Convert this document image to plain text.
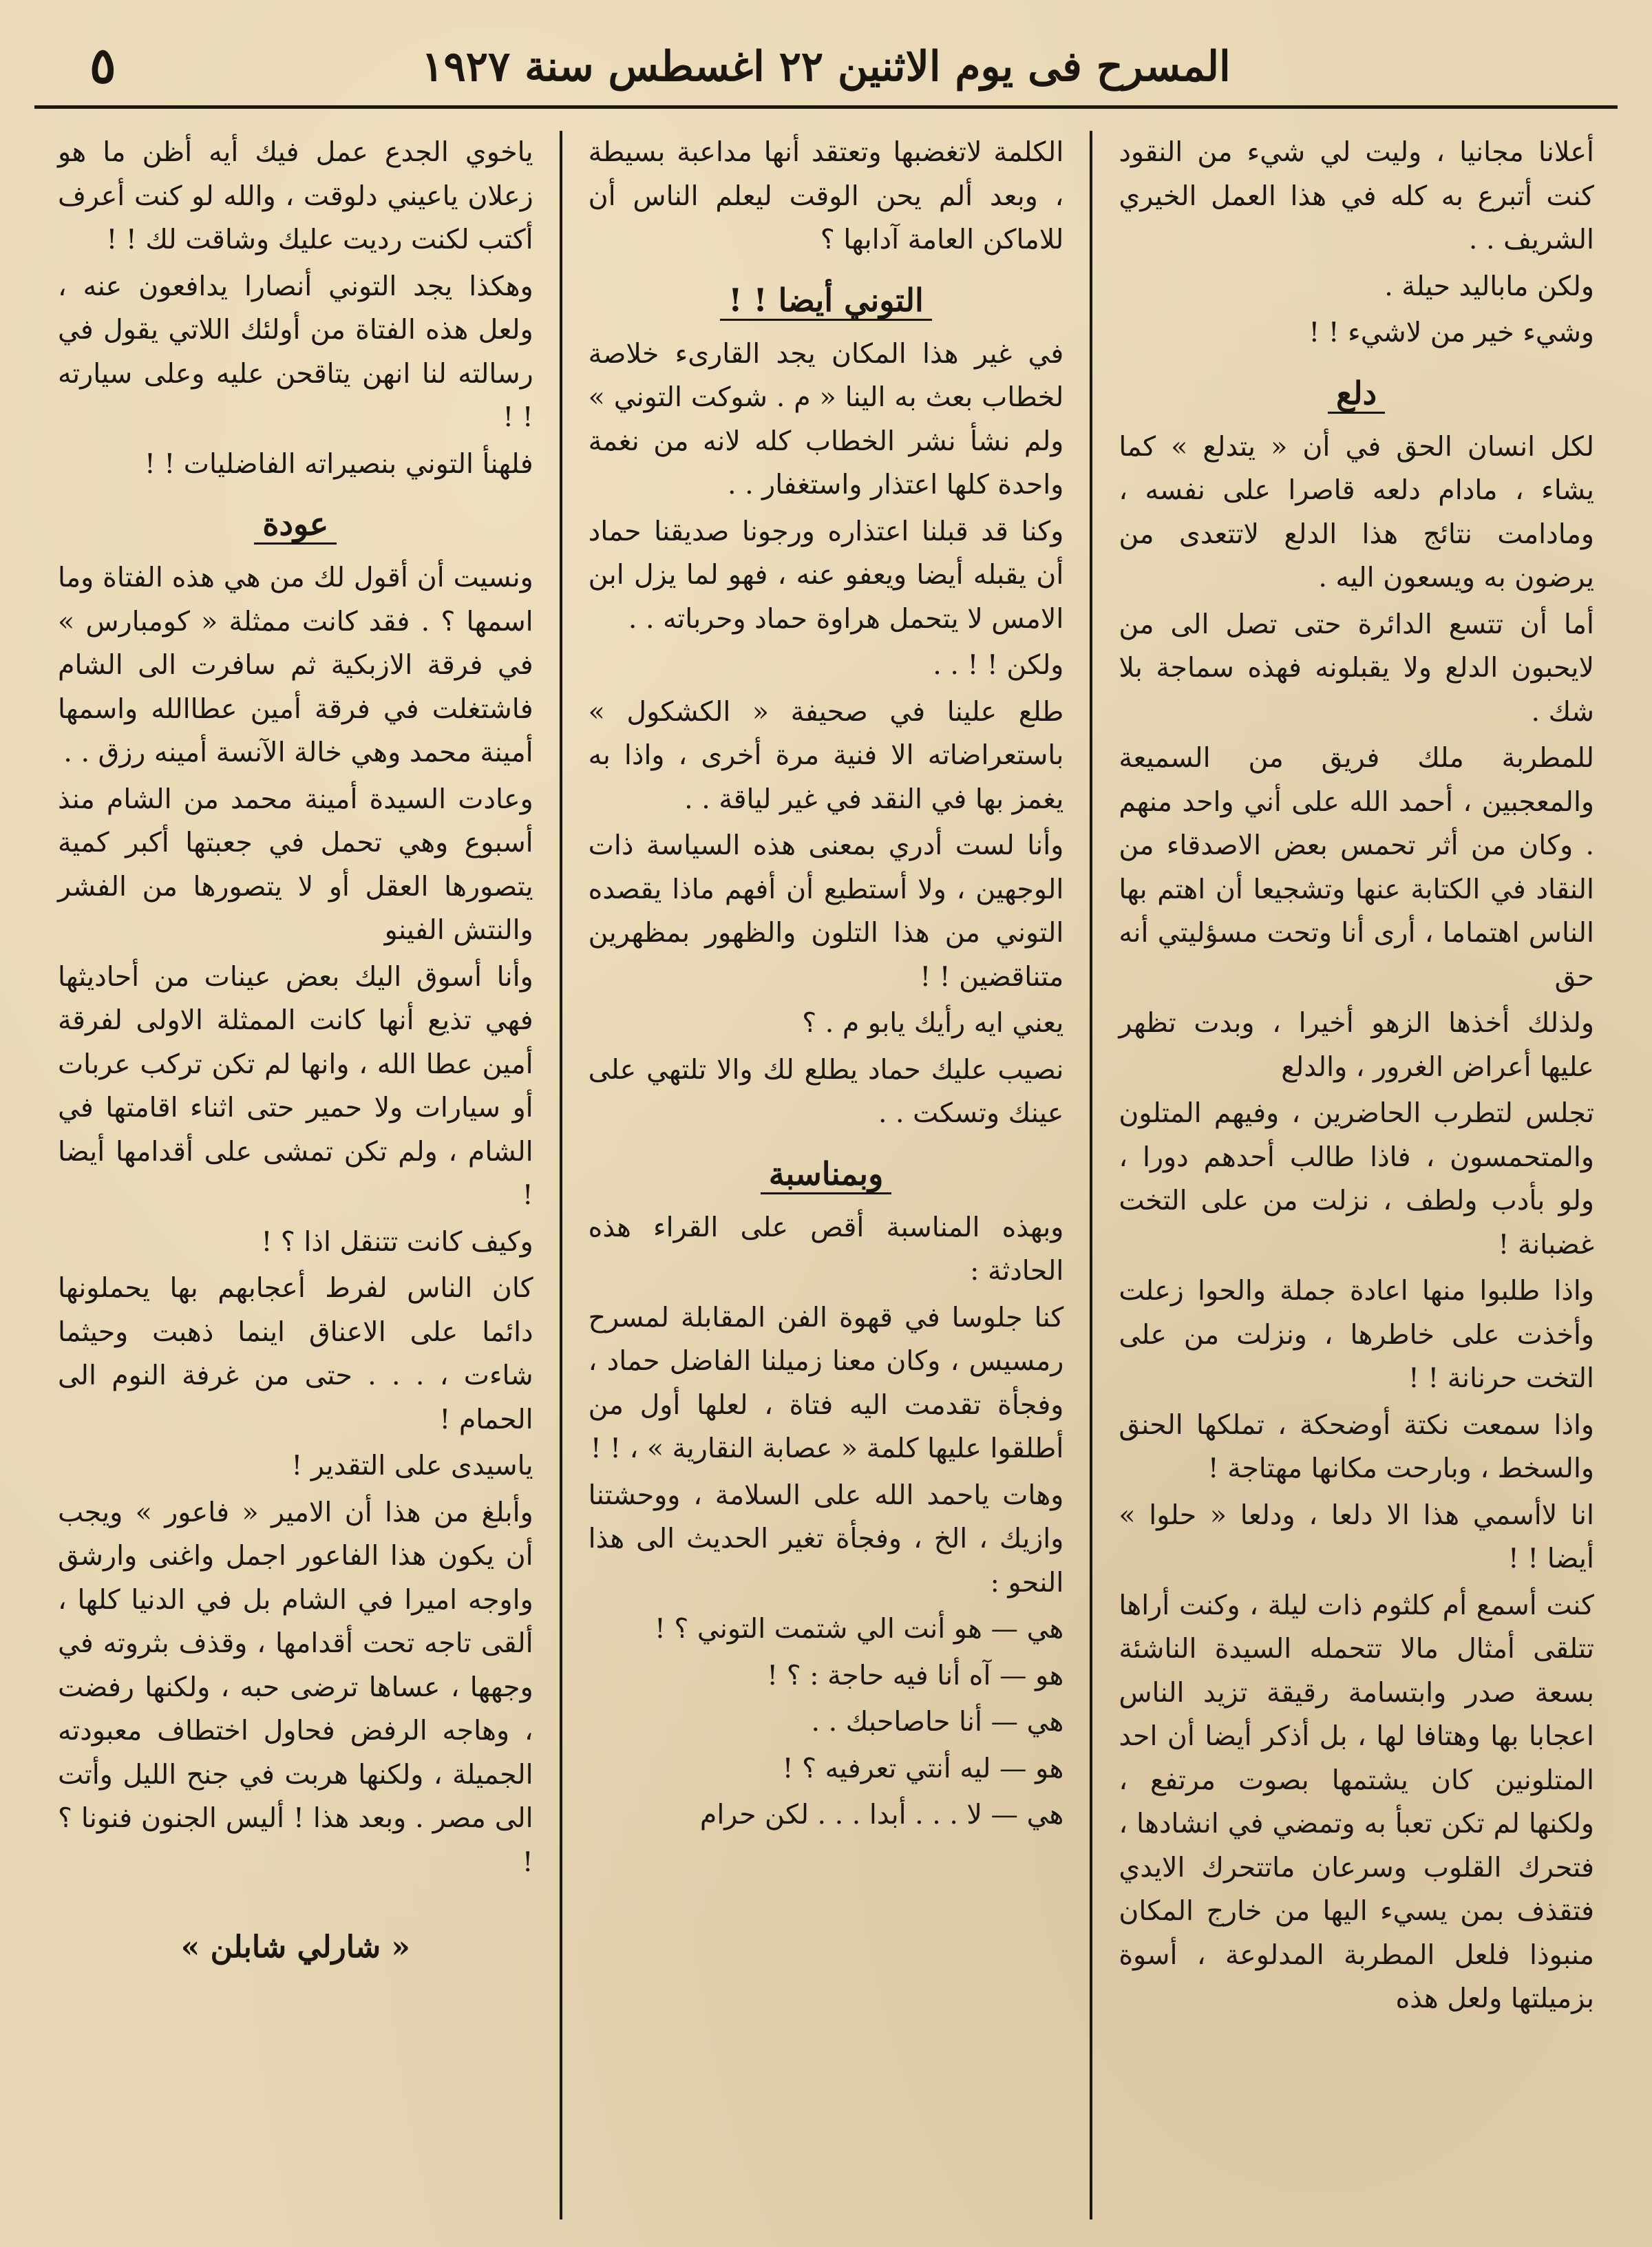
المسرح فى يوم الاثنين ٢٢ اغسطس سنة ١٩٢٧
٥

أعلانا مجانيا ، وليت لي شيء من النقود كنت أتبرع به كله في هذا العمل الخيري الشريف . .

ولكن ماباليد حيلة .

وشيء خير من لاشيء ! !

دلع

لكل انسان الحق في أن « يتدلع » كما يشاء ، مادام دلعه قاصرا على نفسه ، ومادامت نتائج هذا الدلع لاتتعدى من يرضون به ويسعون اليه .

أما أن تتسع الدائرة حتى تصل الى من لايحبون الدلع ولا يقبلونه فهذه سماجة بلا شك .

للمطربة ملك فريق من السميعة والمعجبين ، أحمد الله على أني واحد منهم . وكان من أثر تحمس بعض الاصدقاء من النقاد في الكتابة عنها وتشجيعا أن اهتم بها الناس اهتماما ، أرى أنا وتحت مسؤليتي أنه حق

ولذلك أخذها الزهو أخيرا ، وبدت تظهر عليها أعراض الغرور ، والدلع

تجلس لتطرب الحاضرين ، وفيهم المتلون والمتحمسون ، فاذا طالب أحدهم دورا ، ولو بأدب ولطف ، نزلت من على التخت غضبانة !

واذا طلبوا منها اعادة جملة والحوا زعلت وأخذت على خاطرها ، ونزلت من على التخت حرنانة ! !

واذا سمعت نكتة أوضحكة ، تملكها الحنق والسخط ، وبارحت مكانها مهتاجة !

انا لاأسمي هذا الا دلعا ، ودلعا « حلوا » أيضا ! !

كنت أسمع أم كلثوم ذات ليلة ، وكنت أراها تتلقى أمثال مالا تتحمله السيدة الناشئة بسعة صدر وابتسامة رقيقة تزيد الناس اعجابا بها وهتافا لها ، بل أذكر أيضا أن احد المتلونين كان يشتمها بصوت مرتفع ، ولكنها لم تكن تعبأ به وتمضي في انشادها ، فتحرك القلوب وسرعان ماتتحرك الايدي فتقذف بمن يسيء اليها من خارج المكان منبوذا فلعل المطربة المدلوعة ، أسوة بزميلتها ولعل هذه

الكلمة لاتغضبها وتعتقد أنها مداعبة بسيطة ، وبعد ألم يحن الوقت ليعلم الناس أن للاماكن العامة آدابها ؟

التوني أيضا ! !

في غير هذا المكان يجد القارىء خلاصة لخطاب بعث به الينا « م . شوكت التوني » ولم نشأ نشر الخطاب كله لانه من نغمة واحدة كلها اعتذار واستغفار . .

وكنا قد قبلنا اعتذاره ورجونا صديقنا حماد أن يقبله أيضا ويعفو عنه ، فهو لما يزل ابن الامس لا يتحمل هراوة حماد وحرباته . .

ولكن ! ! . .

طلع علينا في صحيفة « الكشكول » باستعراضاته الا فنية مرة أخرى ، واذا به يغمز بها في النقد في غير لياقة . .

وأنا لست أدري بمعنى هذه السياسة ذات الوجهين ، ولا أستطيع أن أفهم ماذا يقصده التوني من هذا التلون والظهور بمظهرين متناقضين ! !

يعني ايه رأيك يابو م . ؟

نصيب عليك حماد يطلع لك والا تلتهي على عينك وتسكت . .

وبمناسبة

وبهذه المناسبة أقص على القراء هذه الحادثة :

كنا جلوسا في قهوة الفن المقابلة لمسرح رمسيس ، وكان معنا زميلنا الفاضل حماد ، وفجأة تقدمت اليه فتاة ، لعلها أول من أطلقوا عليها كلمة « عصابة النقارية » ، ! !

وهات ياحمد الله على السلامة ، ووحشتنا وازيك ، الخ ، وفجأة تغير الحديث الى هذا النحو :

هي — هو أنت الي شتمت التوني ؟ !

هو — آه أنا فيه حاجة : ؟ !

هي — أنا حاصاحبك . .

هو — ليه أنتي تعرفيه ؟ !

هي — لا . . . أبدا . . . لكن حرام

ياخوي الجدع عمل فيك أيه أظن ما هو زعلان ياعيني دلوقت ، والله لو كنت أعرف أكتب لكنت رديت عليك وشاقت لك ! !

وهكذا يجد التوني أنصارا يدافعون عنه ، ولعل هذه الفتاة من أولئك اللاتي يقول في رسالته لنا انهن يتاقحن عليه وعلى سيارته ! !

فلهنأ التوني بنصيراته الفاضليات ! !

عودة

ونسيت أن أقول لك من هي هذه الفتاة وما اسمها ؟ . فقد كانت ممثلة « كومبارس » في فرقة الازبكية ثم سافرت الى الشام فاشتغلت في فرقة أمين عطاالله واسمها أمينة محمد وهي خالة الآنسة أمينه رزق . .

وعادت السيدة أمينة محمد من الشام منذ أسبوع وهي تحمل في جعبتها أكبر كمية يتصورها العقل أو لا يتصورها من الفشر والنتش الفينو

وأنا أسوق اليك بعض عينات من أحاديثها فهي تذيع أنها كانت الممثلة الاولى لفرقة أمين عطا الله ، وانها لم تكن تركب عربات أو سيارات ولا حمير حتى اثناء اقامتها في الشام ، ولم تكن تمشى على أقدامها أيضا !

وكيف كانت تتنقل اذا ؟ !

كان الناس لفرط أعجابهم بها يحملونها دائما على الاعناق اينما ذهبت وحيثما شاءت ، . . . حتى من غرفة النوم الى الحمام !

ياسيدى على التقدير !

وأبلغ من هذا أن الامير « فاعور » ويجب أن يكون هذا الفاعور اجمل واغنى وارشق واوجه اميرا في الشام بل في الدنيا كلها ، ألقى تاجه تحت أقدامها ، وقذف بثروته في وجهها ، عساها ترضى حبه ، ولكنها رفضت ، وهاجه الرفض فحاول اختطاف معبودته الجميلة ، ولكنها هربت في جنح الليل وأتت الى مصر . وبعد هذا ! أليس الجنون فنونا ؟ !

« شارلي شابلن »
